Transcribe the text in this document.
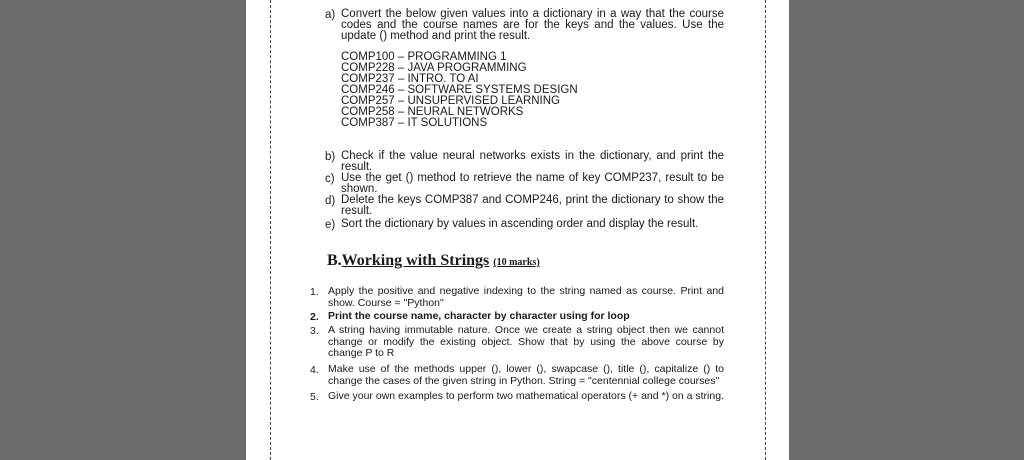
a) Convert the below given values into a dictionary in a way that the course codes and the course names are for the keys and the values. Use the update () method and print the result.
COMP100 – PROGRAMMING 1
COMP228 – JAVA PROGRAMMING
COMP237 – INTRO. TO AI
COMP246 – SOFTWARE SYSTEMS DESIGN
COMP257 – UNSUPERVISED LEARNING
COMP258 – NEURAL NETWORKS
COMP387 – IT SOLUTIONS
b) Check if the value neural networks exists in the dictionary, and print the result.
c) Use the get () method to retrieve the name of key COMP237, result to be shown.
d) Delete the keys COMP387 and COMP246, print the dictionary to show the result.
e) Sort the dictionary by values in ascending order and display the result.
B.Working with Strings (10 marks)
1. Apply the positive and negative indexing to the string named as course. Print and show. Course = "Python"
2. Print the course name, character by character using for loop
3. A string having immutable nature. Once we create a string object then we cannot change or modify the existing object. Show that by using the above course by change P to R
4. Make use of the methods upper (), lower (), swapcase (), title (), capitalize () to change the cases of the given string in Python. String = "centennial college courses"
5. Give your own examples to perform two mathematical operators (+ and *) on a string.
